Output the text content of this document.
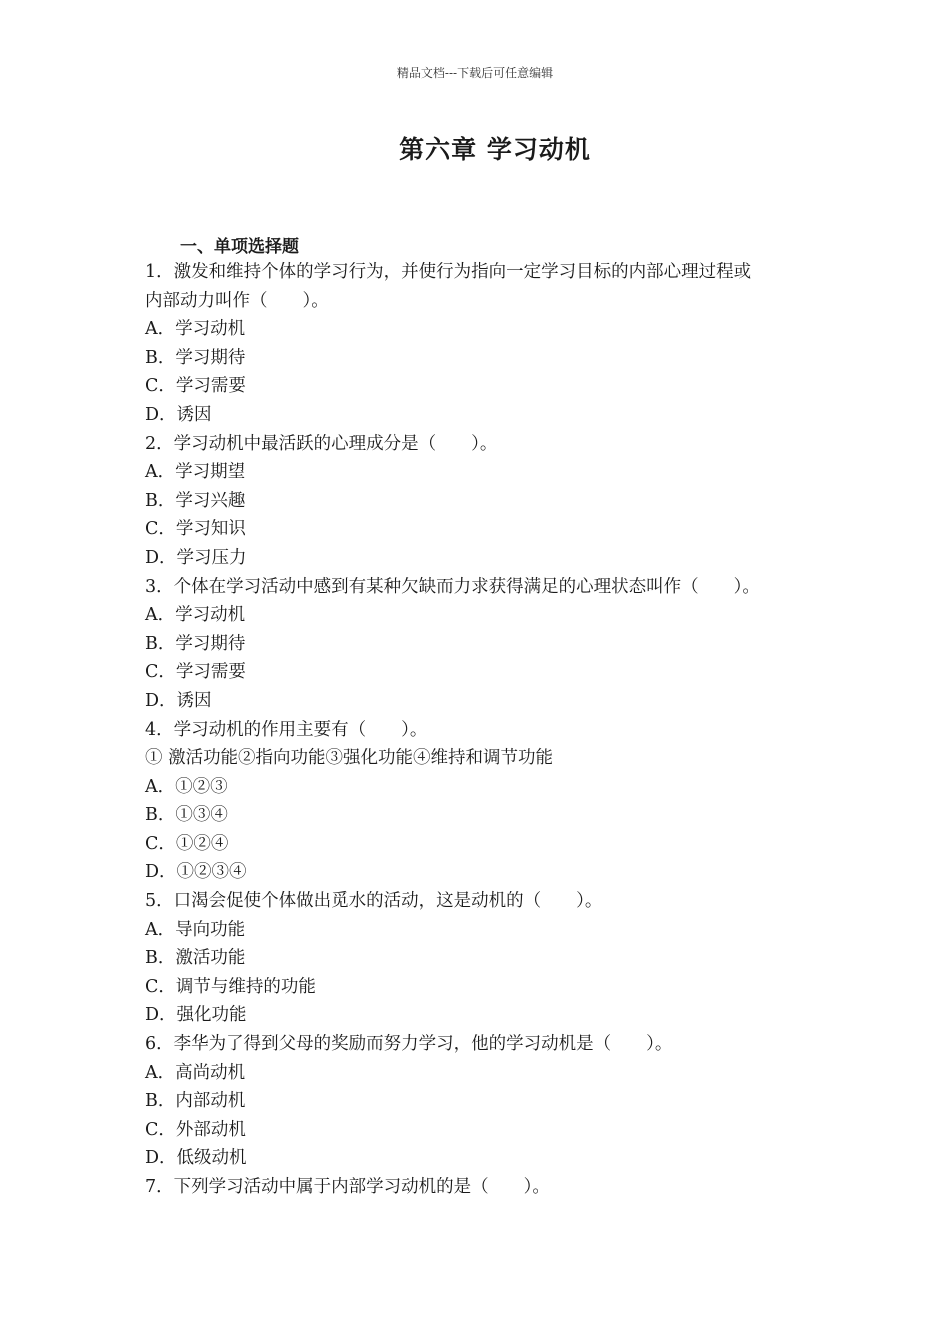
精品文档---下载后可任意编辑
第六章 学习动机
一、单项选择题
1．激发和维持个体的学习行为，并使行为指向一定学习目标的内部心理过程或
内部动力叫作（　　）。
A．学习动机
B．学习期待
C．学习需要
D．诱因
2．学习动机中最活跃的心理成分是（　　）。
A．学习期望
B．学习兴趣
C．学习知识
D．学习压力
3．个体在学习活动中感到有某种欠缺而力求获得满足的心理状态叫作（　　）。
A．学习动机
B．学习期待
C．学习需要
D．诱因
4．学习动机的作用主要有（　　）。
① 激活功能②指向功能③强化功能④维持和调节功能
A．①②③
B．①③④
C．①②④
D．①②③④
5．口渴会促使个体做出觅水的活动，这是动机的（　　）。
A．导向功能
B．激活功能
C．调节与维持的功能
D．强化功能
6．李华为了得到父母的奖励而努力学习，他的学习动机是（　　）。
A．高尚动机
B．内部动机
C．外部动机
D．低级动机
7．下列学习活动中属于内部学习动机的是（　　）。
